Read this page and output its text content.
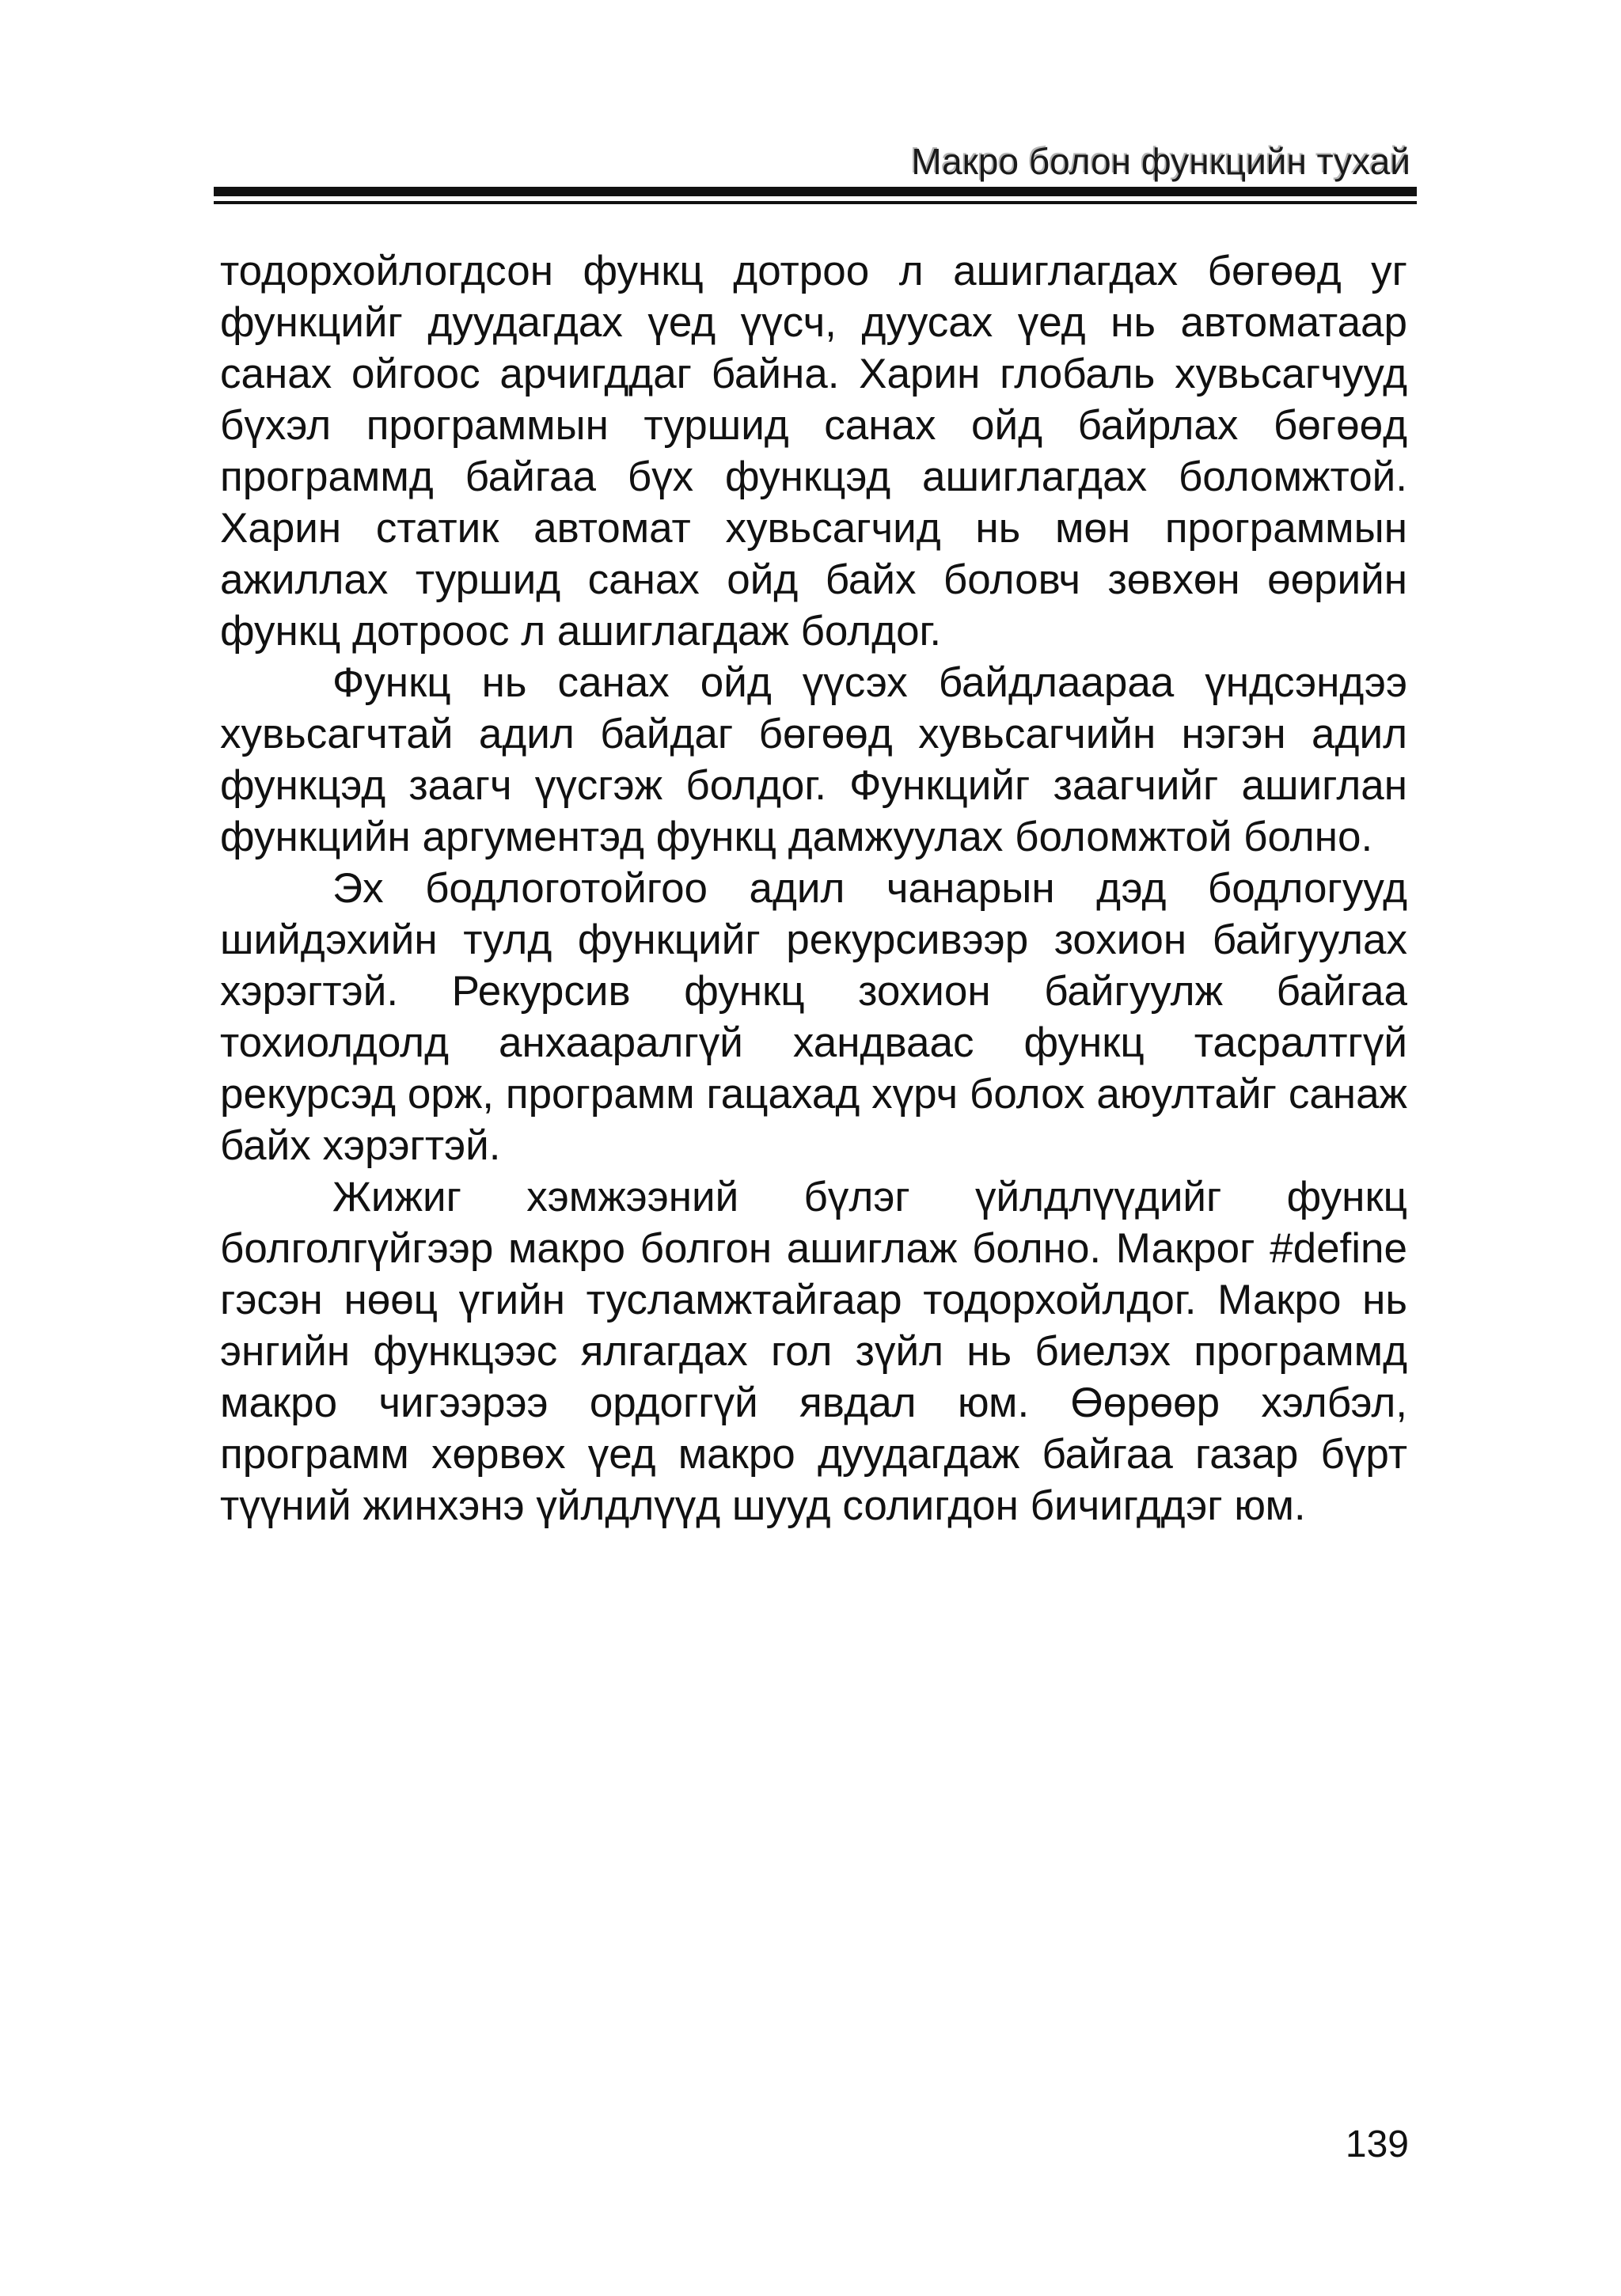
Макро болон функцийн тухай

тодорхойлогдсон функц дотроо л ашиглагдах бөгөөд уг функцийг дуудагдах үед үүсч, дуусах үед нь автоматаар санах ойгоос арчигддаг байна. Харин глобаль хувьсагчууд бүхэл программын туршид санах ойд байрлах бөгөөд программд байгаа бүх функцэд ашиглагдах боломжтой. Харин статик автомат хувьсагчид нь мөн программын ажиллах туршид санах ойд байх боловч зөвхөн өөрийн функц дотроос л ашиглагдаж болдог.

Функц нь санах ойд үүсэх байдлаараа үндсэндээ хувьсагчтай адил байдаг бөгөөд хувьсагчийн нэгэн адил функцэд заагч үүсгэж болдог. Функцийг заагчийг ашиглан функцийн аргументэд функц дамжуулах боломжтой болно.

Эх бодлоготойгоо адил чанарын дэд бодлогууд шийдэхийн тулд функцийг рекурсивээр зохион байгуулах хэрэгтэй. Рекурсив функц зохион байгуулж байгаа тохиолдолд анхааралгүй хандваас функц тасралтгүй рекурсэд орж, программ гацахад хүрч болох аюултайг санаж байх хэрэгтэй.

Жижиг хэмжээний бүлэг үйлдлүүдийг функц болголгүйгээр макро болгон ашиглаж болно. Макрог #define гэсэн нөөц үгийн тусламжтайгаар тодорхойлдог. Макро нь энгийн функцээс ялгагдах гол зүйл нь биелэх программд макро чигээрээ ордоггүй явдал юм. Өөрөөр хэлбэл, программ хөрвөх үед макро дуудагдаж байгаа газар бүрт түүний жинхэнэ үйлдлүүд шууд солигдон бичигддэг юм.

139
